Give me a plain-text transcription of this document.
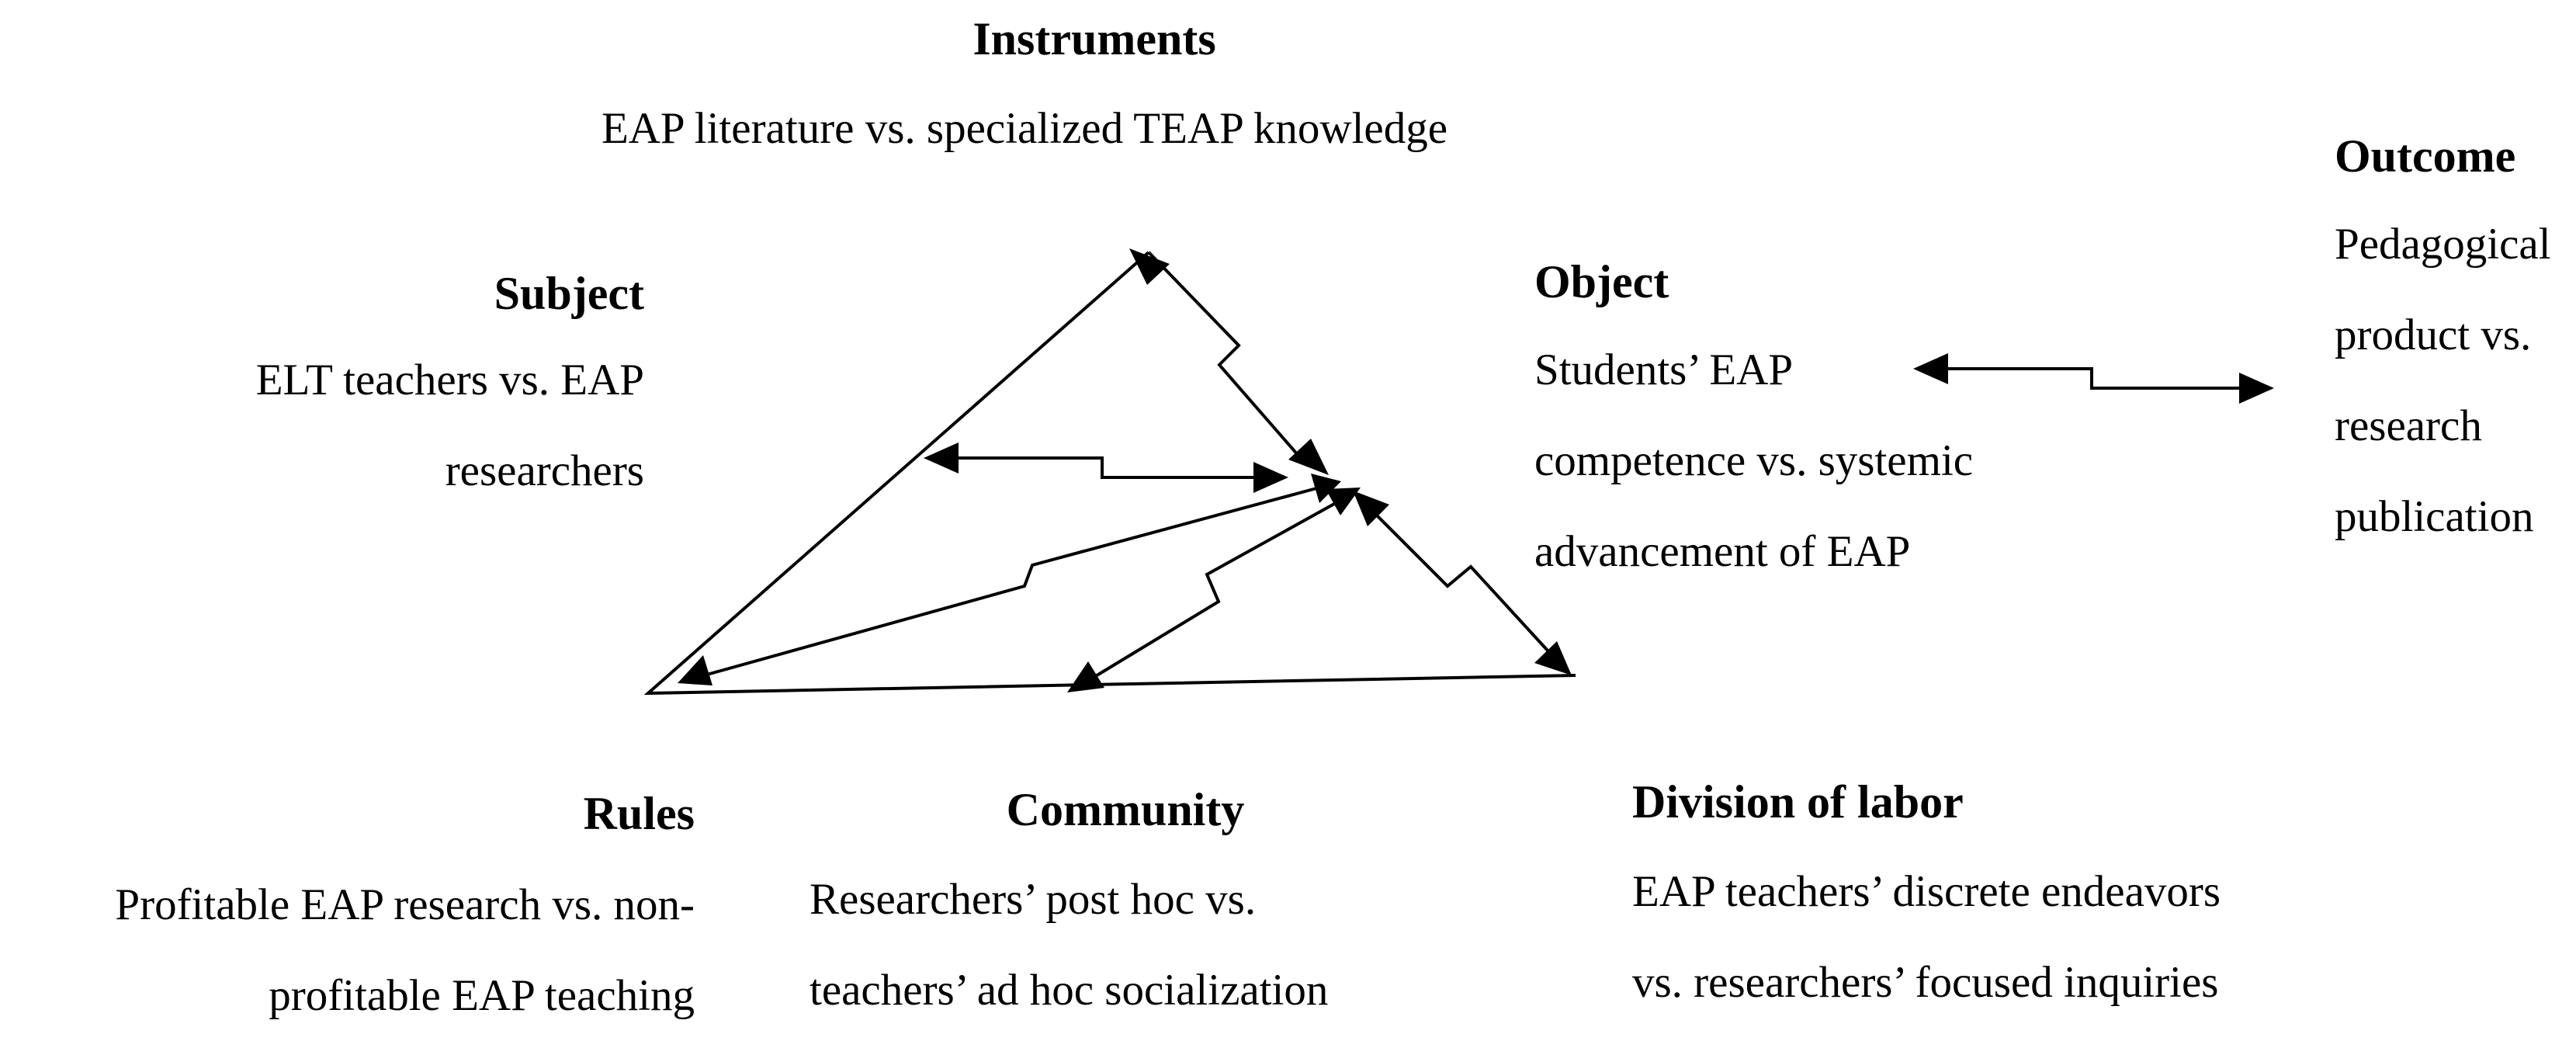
Instruments
EAP literature vs. specialized TEAP knowledge
Subject
ELT teachers vs. EAP
researchers
Object
Students’ EAP
competence vs. systemic
advancement of EAP
Outcome
Pedagogical
product vs.
research
publication
Rules
Profitable EAP research vs. non-
profitable EAP teaching
Community
Researchers’ post hoc vs.
teachers’ ad hoc socialization
Division of labor
EAP teachers’ discrete endeavors
vs. researchers’ focused inquiries
